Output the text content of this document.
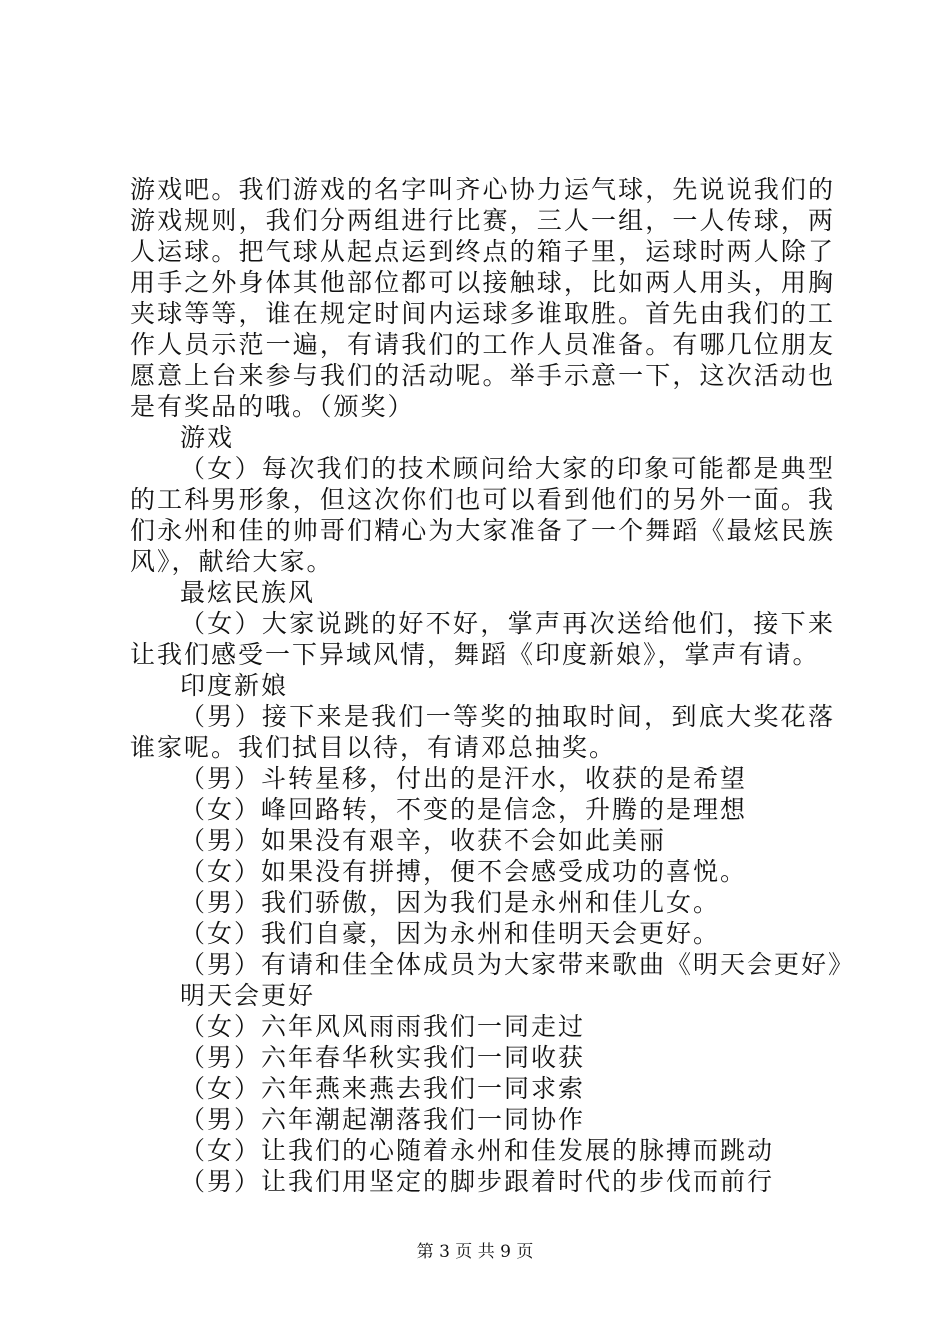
游戏吧。我们游戏的名字叫齐心协力运气球，先说说我们的游戏规则，我们分两组进行比赛，三人一组，一人传球，两人运球。把气球从起点运到终点的箱子里，运球时两人除了用手之外身体其他部位都可以接触球，比如两人用头，用胸夹球等等，谁在规定时间内运球多谁取胜。首先由我们的工作人员示范一遍，有请我们的工作人员准备。有哪几位朋友愿意上台来参与我们的活动呢。举手示意一下，这次活动也是有奖品的哦。（颁奖）

游戏

（女）每次我们的技术顾问给大家的印象可能都是典型的工科男形象，但这次你们也可以看到他们的另外一面。我们永州和佳的帅哥们精心为大家准备了一个舞蹈《最炫民族风》，献给大家。

最炫民族风

（女）大家说跳的好不好，掌声再次送给他们，接下来让我们感受一下异域风情，舞蹈《印度新娘》，掌声有请。

印度新娘

（男）接下来是我们一等奖的抽取时间，到底大奖花落谁家呢。我们拭目以待，有请邓总抽奖。

（男）斗转星移，付出的是汗水，收获的是希望

（女）峰回路转，不变的是信念，升腾的是理想

（男）如果没有艰辛，收获不会如此美丽

（女）如果没有拼搏，便不会感受成功的喜悦。

（男）我们骄傲，因为我们是永州和佳儿女。

（女）我们自豪，因为永州和佳明天会更好。

（男）有请和佳全体成员为大家带来歌曲《明天会更好》

明天会更好

（女）六年风风雨雨我们一同走过

（男）六年春华秋实我们一同收获

（女）六年燕来燕去我们一同求索

（男）六年潮起潮落我们一同协作

（女）让我们的心随着永州和佳发展的脉搏而跳动

（男）让我们用坚定的脚步跟着时代的步伐而前行

第 3 页 共 9 页
